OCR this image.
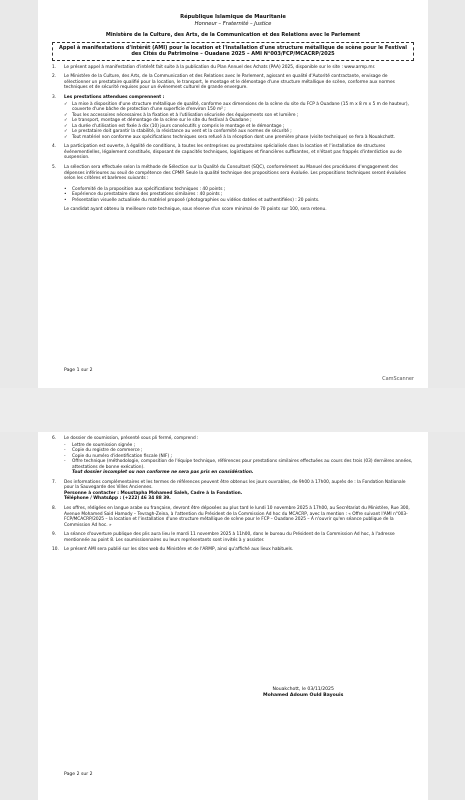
République Islamique de Mauritanie
Honneur – Fraternité – Justice
Ministère de la Culture, des Arts, de la Communication et des Relations avec le Parlement
Appel à manifestations d'intérêt (AMI) pour la location et l'installation d'une structure métallique de scène pour le Festival des Cités du Patrimoine – Ouadane 2025 – AMI N°003/FCP/MCACRP/2025
1. Le présent appel à manifestation d'intérêt fait suite à la publication du Plan Annuel des Achats (PAA) 2025, disponible sur le site : www.armp.mr.
2. Le Ministère de la Culture, des Arts, de la Communication et des Relations avec le Parlement, agissant en qualité d'Autorité contractante, envisage de sélectionner un prestataire qualifié pour la location, le transport, le montage et le démontage d'une structure métallique de scène, conforme aux normes techniques et de sécurité requises pour un événement culturel de grande envergure.
3. Les prestations attendues comprennent :
✓ La mise à disposition d'une structure métallique de qualité, conforme aux dimensions de la scène du site du FCP à Ouadane (15 m x 8 m x 5 m de hauteur), couverte d'une bâche de protection d'une superficie d'environ 150 m² ;
✓ Tous les accessoires nécessaires à la fixation et à l'utilisation sécurisée des équipements son et lumière ;
✓ Le transport, montage et démontage de la scène sur le site du festival à Ouadane ;
✓ La durée d'utilisation est fixée à dix (10) jours consécutifs y compris le montage et le démontage ;
✓ Le prestataire doit garantir la stabilité, la résistance au vent et la conformité aux normes de sécurité ;
✓ Tout matériel non conforme aux spécifications techniques sera refusé à la réception dont une première phase (visite technique) se fera à Nouakchott.
4. La participation est ouverte, à égalité de conditions, à toutes les entreprises ou prestataires spécialisés dans la location et l'installation de structures événementielles, légalement constitués, disposant de capacités techniques, logistiques et financières suffisantes, et n'étant pas frappés d'interdiction ou de suspension.
5. La sélection sera effectuée selon la méthode de Sélection sur la Qualité du Consultant (SQC), conformément au Manuel des procédures d'engagement des dépenses inférieures au seuil de compétence des CPMP. Seule la qualité technique des propositions sera évaluée. Les propositions techniques seront évaluées selon les critères et barèmes suivants :
• Conformité de la proposition aux spécifications techniques : 40 points ;
• Expérience du prestataire dans des prestations similaires : 40 points ;
• Présentation visuelle actualisée du matériel proposé (photographies ou vidéos datées et authentifiées) : 20 points.
Le candidat ayant obtenu la meilleure note technique, sous réserve d'un score minimal de 70 points sur 100, sera retenu.
Page 1 sur 2
CamScanner
6. Le dossier de soumission, présenté sous pli fermé, comprend :
- Lettre de soumission signée ;
- Copie du registre de commerce ;
- Copie du numéro d'identification fiscale (NIF) ;
- Offre technique (méthodologie, composition de l'équipe technique, références pour prestations similaires effectuées au cours des trois (03) dernières années, attestations de bonne exécution).
Tout dossier incomplet ou non conforme ne sera pas pris en considération.
7. Des informations complémentaires et les termes de références peuvent être obtenus les jours ouvrables, de 9h00 à 17h00, auprès de : la Fondation Nationale pour la Sauvegarde des Villes Anciennes.
Personne à contacter : Moustapha Mohamed Saleh, Cadre à la Fondation.
Téléphone / WhatsApp : (+222) 46 34 88 39.
8. Les offres, rédigées en langue arabe ou française, devront être déposées au plus tard le lundi 10 novembre 2025 à 17h00, au Secrétariat du Ministère, Rue 300, Avenue Mohamed Said Hamody – Tevragh-Zeina, à l'attention du Président de la Commission Ad hoc du MCACRP, avec la mention : « Offre suivant l'AMI n°003-FCP/MCACRP/2025 – la location et l'installation d'une structure métallique de scène pour le FCP – Ouadane 2025 – À n'ouvrir qu'en séance publique de la Commission Ad hoc. »
9. La séance d'ouverture publique des plis aura lieu le mardi 11 novembre 2025 à 11h00, dans le bureau du Président de la Commission Ad hoc, à l'adresse mentionnée au point 8. Les soumissionnaires ou leurs représentants sont invités à y assister.
10. Le présent AMI sera publié sur les sites web du Ministère et de l'ARMP, ainsi qu'affiché aux lieux habituels.
Nouakchott, le 03/11/2025
Mohamed Adoum Ould Bayouis
Page 2 sur 2
